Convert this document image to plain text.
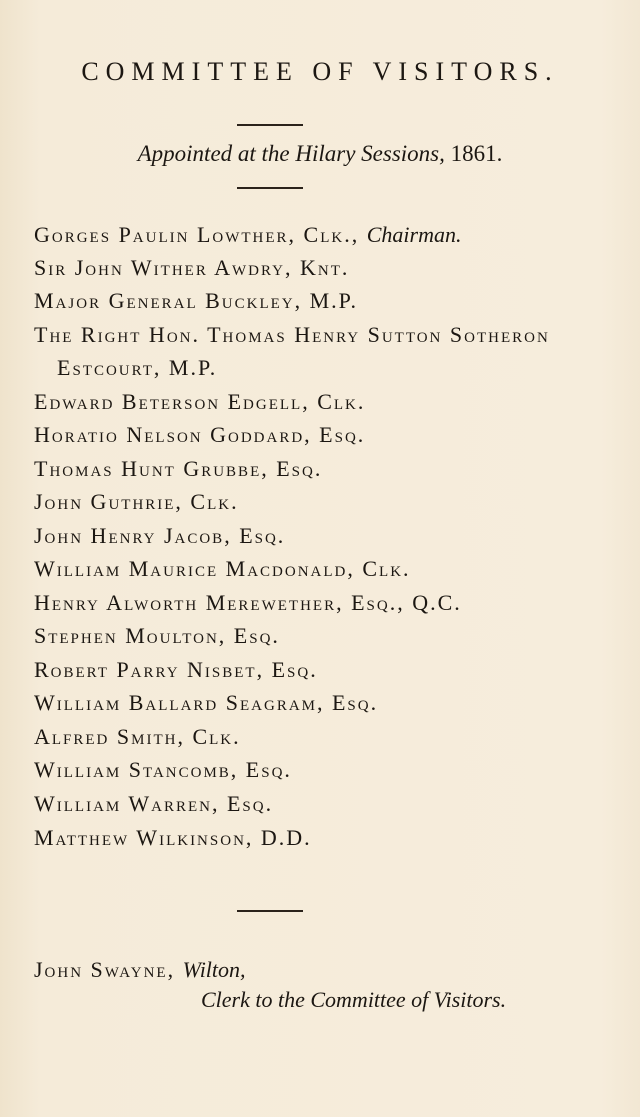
COMMITTEE OF VISITORS.
Appointed at the Hilary Sessions, 1861.
Gorges Paulin Lowther, Clk., Chairman.
Sir John Wither Awdry, Knt.
Major General Buckley, M.P.
The Right Hon. Thomas Henry Sutton Sotheron
Estcourt, M.P.
Edward Beterson Edgell, Clk.
Horatio Nelson Goddard, Esq.
Thomas Hunt Grubbe, Esq.
John Guthrie, Clk.
John Henry Jacob, Esq.
William Maurice Macdonald, Clk.
Henry Alworth Merewether, Esq., Q.C.
Stephen Moulton, Esq.
Robert Parry Nisbet, Esq.
William Ballard Seagram, Esq.
Alfred Smith, Clk.
William Stancomb, Esq.
William Warren, Esq.
Matthew Wilkinson, D.D.
John Swayne, Wilton,
Clerk to the Committee of Visitors.
